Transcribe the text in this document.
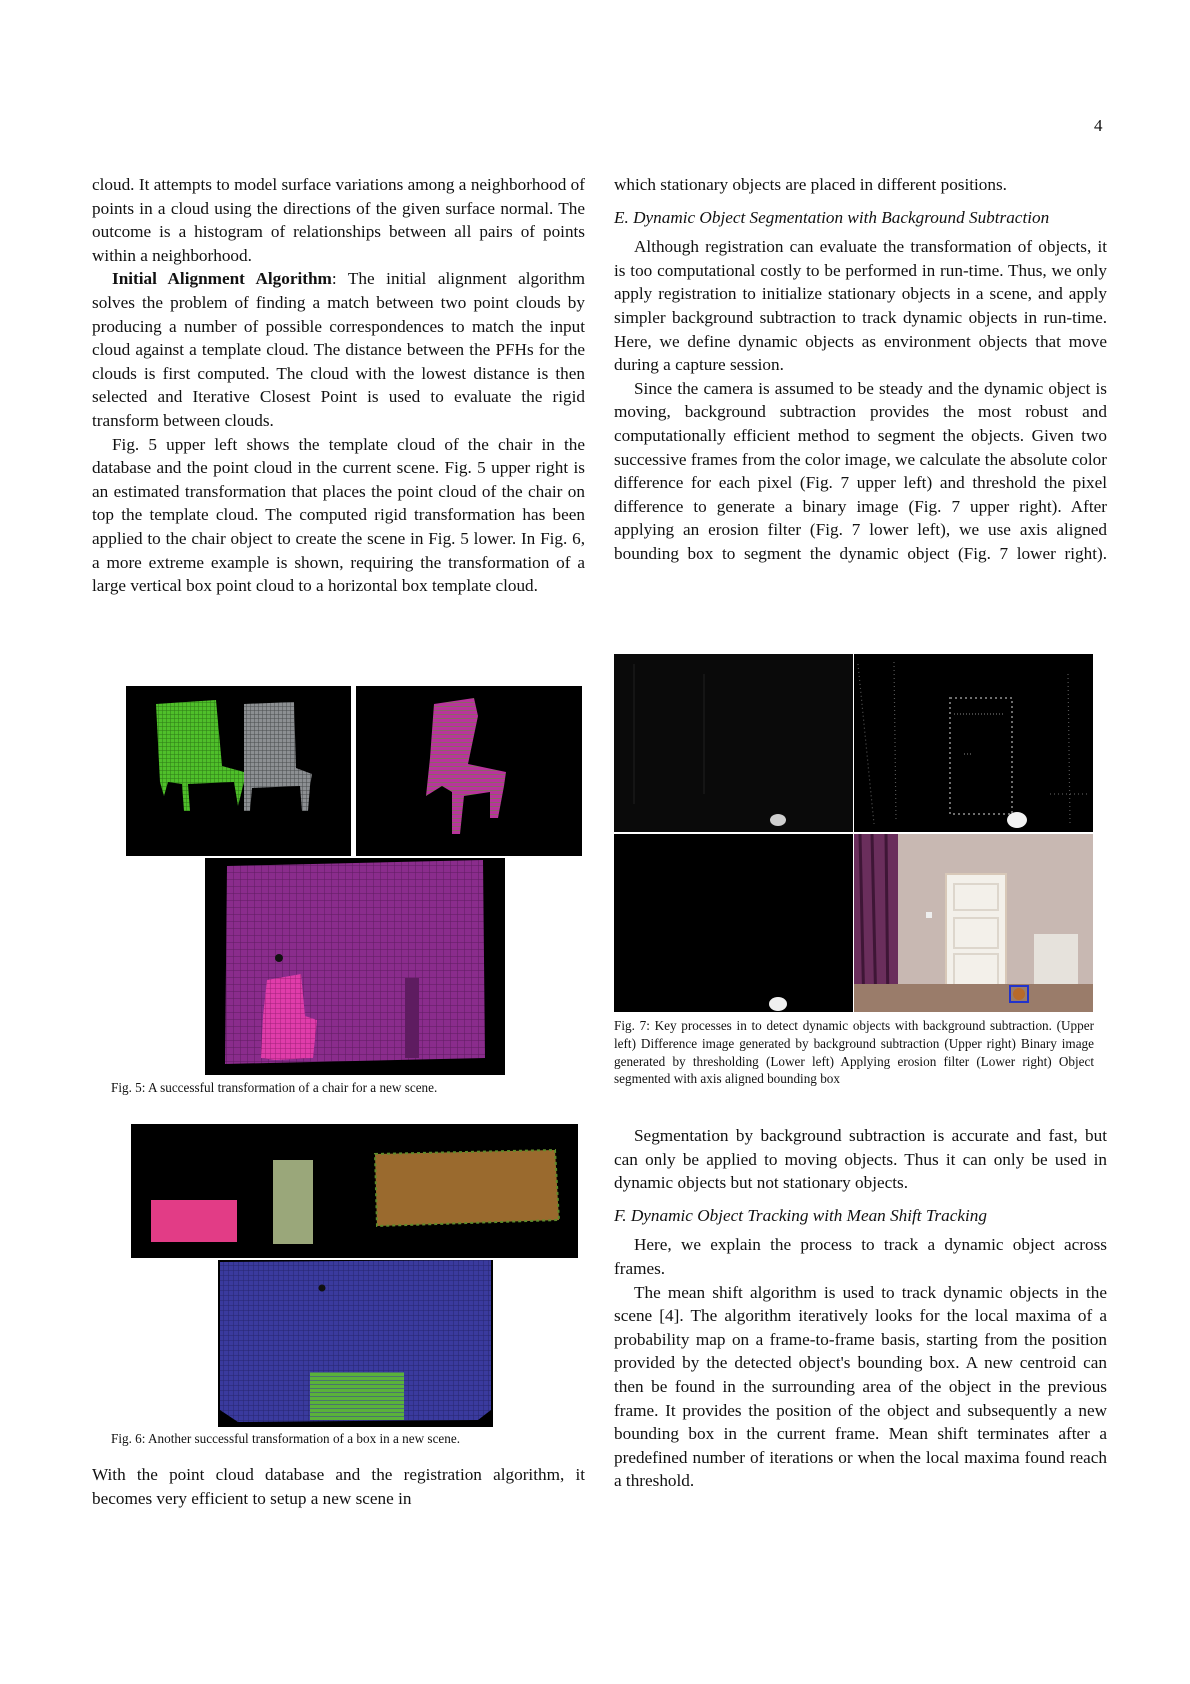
4

cloud. It attempts to model surface variations among a neighborhood of points in a cloud using the directions of the given surface normal. The outcome is a histogram of relationships between all pairs of points within a neighborhood.

Initial Alignment Algorithm: The initial alignment algorithm solves the problem of finding a match between two point clouds by producing a number of possible correspondences to match the input cloud against a template cloud. The distance between the PFHs for the clouds is first computed. The cloud with the lowest distance is then selected and Iterative Closest Point is used to evaluate the rigid transform between clouds.

Fig. 5 upper left shows the template cloud of the chair in the database and the point cloud in the current scene. Fig. 5 upper right is an estimated transformation that places the point cloud of the chair on top the template cloud. The computed rigid transformation has been applied to the chair object to create the scene in Fig. 5 lower. In Fig. 6, a more extreme example is shown, requiring the transformation of a large vertical box point cloud to a horizontal box template cloud.

Fig. 5: A successful transformation of a chair for a new scene.
Fig. 6: Another successful transformation of a box in a new scene.

With the point cloud database and the registration algorithm, it becomes very efficient to setup a new scene in

which stationary objects are placed in different positions.

E. Dynamic Object Segmentation with Background Subtraction

Although registration can evaluate the transformation of objects, it is too computational costly to be performed in run-time. Thus, we only apply registration to initialize stationary objects in a scene, and apply simpler background subtraction to track dynamic objects in run-time. Here, we define dynamic objects as environment objects that move during a capture session.

Since the camera is assumed to be steady and the dynamic object is moving, background subtraction provides the most robust and computationally efficient method to segment the objects. Given two successive frames from the color image, we calculate the absolute color difference for each pixel (Fig. 7 upper left) and threshold the pixel difference to generate a binary image (Fig. 7 upper right). After applying an erosion filter (Fig. 7 lower left), we use axis aligned bounding box to segment the dynamic object (Fig. 7 lower right).

Fig. 7: Key processes in to detect dynamic objects with background subtraction. (Upper left) Difference image generated by background subtraction (Upper right) Binary image generated by thresholding (Lower left) Applying erosion filter (Lower right) Object segmented with axis aligned bounding box

Segmentation by background subtraction is accurate and fast, but can only be applied to moving objects. Thus it can only be used in dynamic objects but not stationary objects.

F. Dynamic Object Tracking with Mean Shift Tracking

Here, we explain the process to track a dynamic object across frames.

The mean shift algorithm is used to track dynamic objects in the scene [4]. The algorithm iteratively looks for the local maxima of a probability map on a frame-to-frame basis, starting from the position provided by the detected object's bounding box. A new centroid can then be found in the surrounding area of the object in the previous frame. It provides the position of the object and subsequently a new bounding box in the current frame. Mean shift terminates after a predefined number of iterations or when the local maxima found reach a threshold.
